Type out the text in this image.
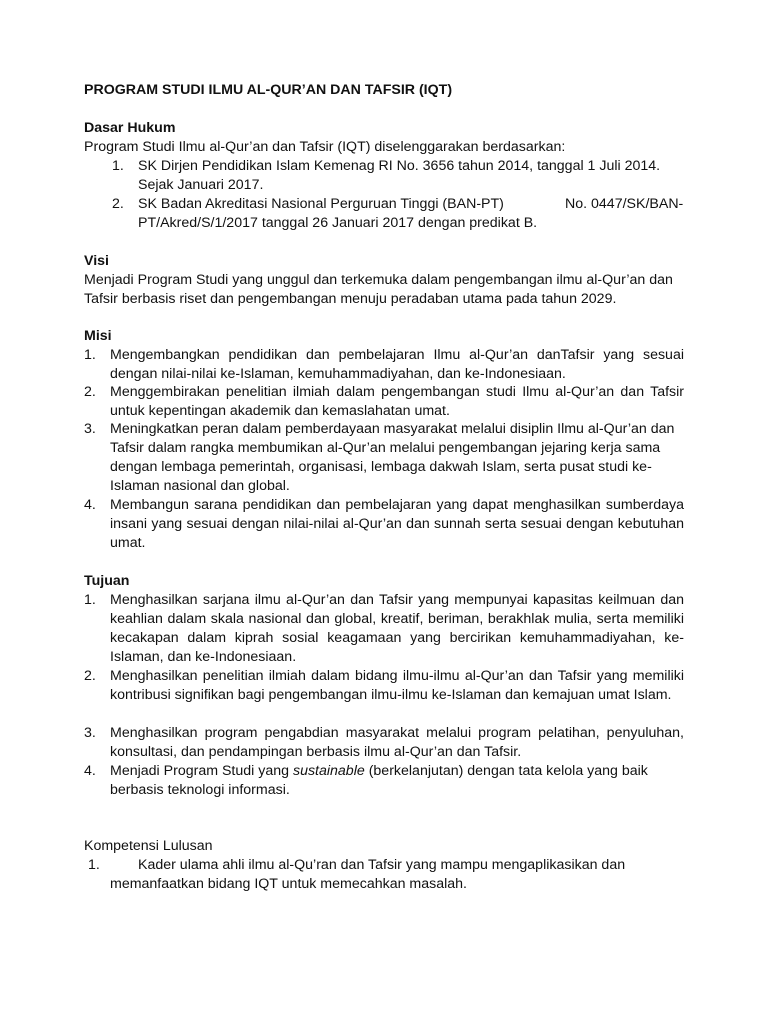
PROGRAM STUDI ILMU AL-QUR’AN DAN TAFSIR (IQT)
Dasar Hukum
Program Studi Ilmu al-Qur’an dan Tafsir (IQT) diselenggarakan berdasarkan:
1. SK Dirjen Pendidikan Islam Kemenag RI No. 3656 tahun 2014, tanggal 1 Juli 2014. Sejak Januari 2017.
2. SK Badan Akreditasi Nasional Perguruan Tinggi (BAN-PT)	No. 0447/SK/BAN-
PT/Akred/S/1/2017 tanggal 26 Januari 2017 dengan predikat B.
Visi
Menjadi Program Studi yang unggul dan terkemuka dalam pengembangan ilmu al-Qur’an dan Tafsir berbasis riset dan pengembangan menuju peradaban utama pada tahun 2029.
Misi
1. Mengembangkan pendidikan dan pembelajaran Ilmu al-Qur’an danTafsir yang sesuai dengan nilai-nilai ke-Islaman, kemuhammadiyahan, dan ke-Indonesiaan.
2. Menggembirakan penelitian ilmiah dalam pengembangan studi Ilmu al-Qur’an dan Tafsir untuk kepentingan akademik dan kemaslahatan umat.
3. Meningkatkan peran dalam pemberdayaan masyarakat melalui disiplin Ilmu al-Qur’an dan Tafsir dalam rangka membumikan al-Qur’an melalui pengembangan jejaring kerja sama dengan lembaga pemerintah, organisasi, lembaga dakwah Islam, serta pusat studi ke-Islaman nasional dan global.
4. Membangun sarana pendidikan dan pembelajaran yang dapat menghasilkan sumberdaya insani yang sesuai dengan nilai-nilai al-Qur’an dan sunnah serta sesuai dengan kebutuhan umat.
Tujuan
1. Menghasilkan sarjana ilmu al-Qur’an dan Tafsir yang mempunyai kapasitas keilmuan dan keahlian dalam skala nasional dan global, kreatif, beriman, berakhlak mulia, serta memiliki kecakapan dalam kiprah sosial keagamaan yang bercirikan kemuhammadiyahan, ke-Islaman, dan ke-Indonesiaan.
2. Menghasilkan penelitian ilmiah dalam bidang ilmu-ilmu al-Qur’an dan Tafsir yang memiliki kontribusi signifikan bagi pengembangan ilmu-ilmu ke-Islaman dan kemajuan umat Islam.
3. Menghasilkan program pengabdian masyarakat melalui program pelatihan, penyuluhan, konsultasi, dan pendampingan berbasis ilmu al-Qur’an dan Tafsir.
4. Menjadi Program Studi yang sustainable (berkelanjutan) dengan tata kelola yang baik berbasis teknologi informasi.
Kompetensi Lulusan
1.	Kader ulama ahli ilmu al-Qu’ran dan Tafsir yang mampu mengaplikasikan dan
memanfaatkan bidang IQT untuk memecahkan masalah.
